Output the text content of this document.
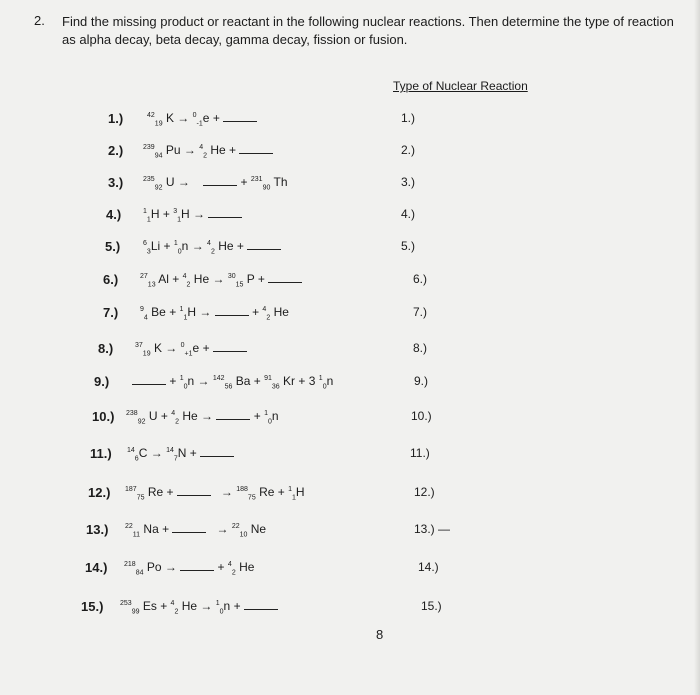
2. Find the missing product or reactant in the following nuclear reactions. Then determine the type of reaction as alpha decay, beta decay, gamma decay, fission or fusion.
Type of Nuclear Reaction
1.)	$^{42}_{19}$ K → $^0_{-1}$e +	1.)
2.)	$^{239}_{94}$ Pu → $^4_2$ He +	2.)
3.)	$^{235}_{92}$ U →	+ $^{231}_{90}$ Th	3.)
4.)	$^1_1$H + $^3_1$H →	4.)
5.)	$^6_3$Li + $^1_0$n → $^4_2$ He +	5.)
6.)	$^{27}_{13}$ Al + $^4_2$ He → $^{30}_{15}$ P +	6.)
7.)	$^9_4$ Be + $^1_1$H →	+ $^4_2$ He	7.)
8.)	$^{37}_{19}$ K → $^0_{+1}$e +	8.)
9.)	+ $^1_0$n → $^{142}_{56}$ Ba + $^{91}_{36}$ Kr + 3 $^1_0$n	9.)
10.) $^{238}_{92}$ U + $^4_2$ He →	+ $^1_0$n	10.)
11.) $^{14}_6$C → $^{14}_7$N +	11.)
12.) $^{187}_{75}$ Re +	→ $^{188}_{75}$ Re + $^1_1$H	12.)
13.) $^{22}_{11}$ Na +	→ $^{22}_{10}$ Ne	13.) —
14.) $^{218}_{84}$ Po →	+ $^4_2$ He	14.)
15.) $^{253}_{99}$ Es + $^4_2$ He → $^1_0$n +	15.)
8
